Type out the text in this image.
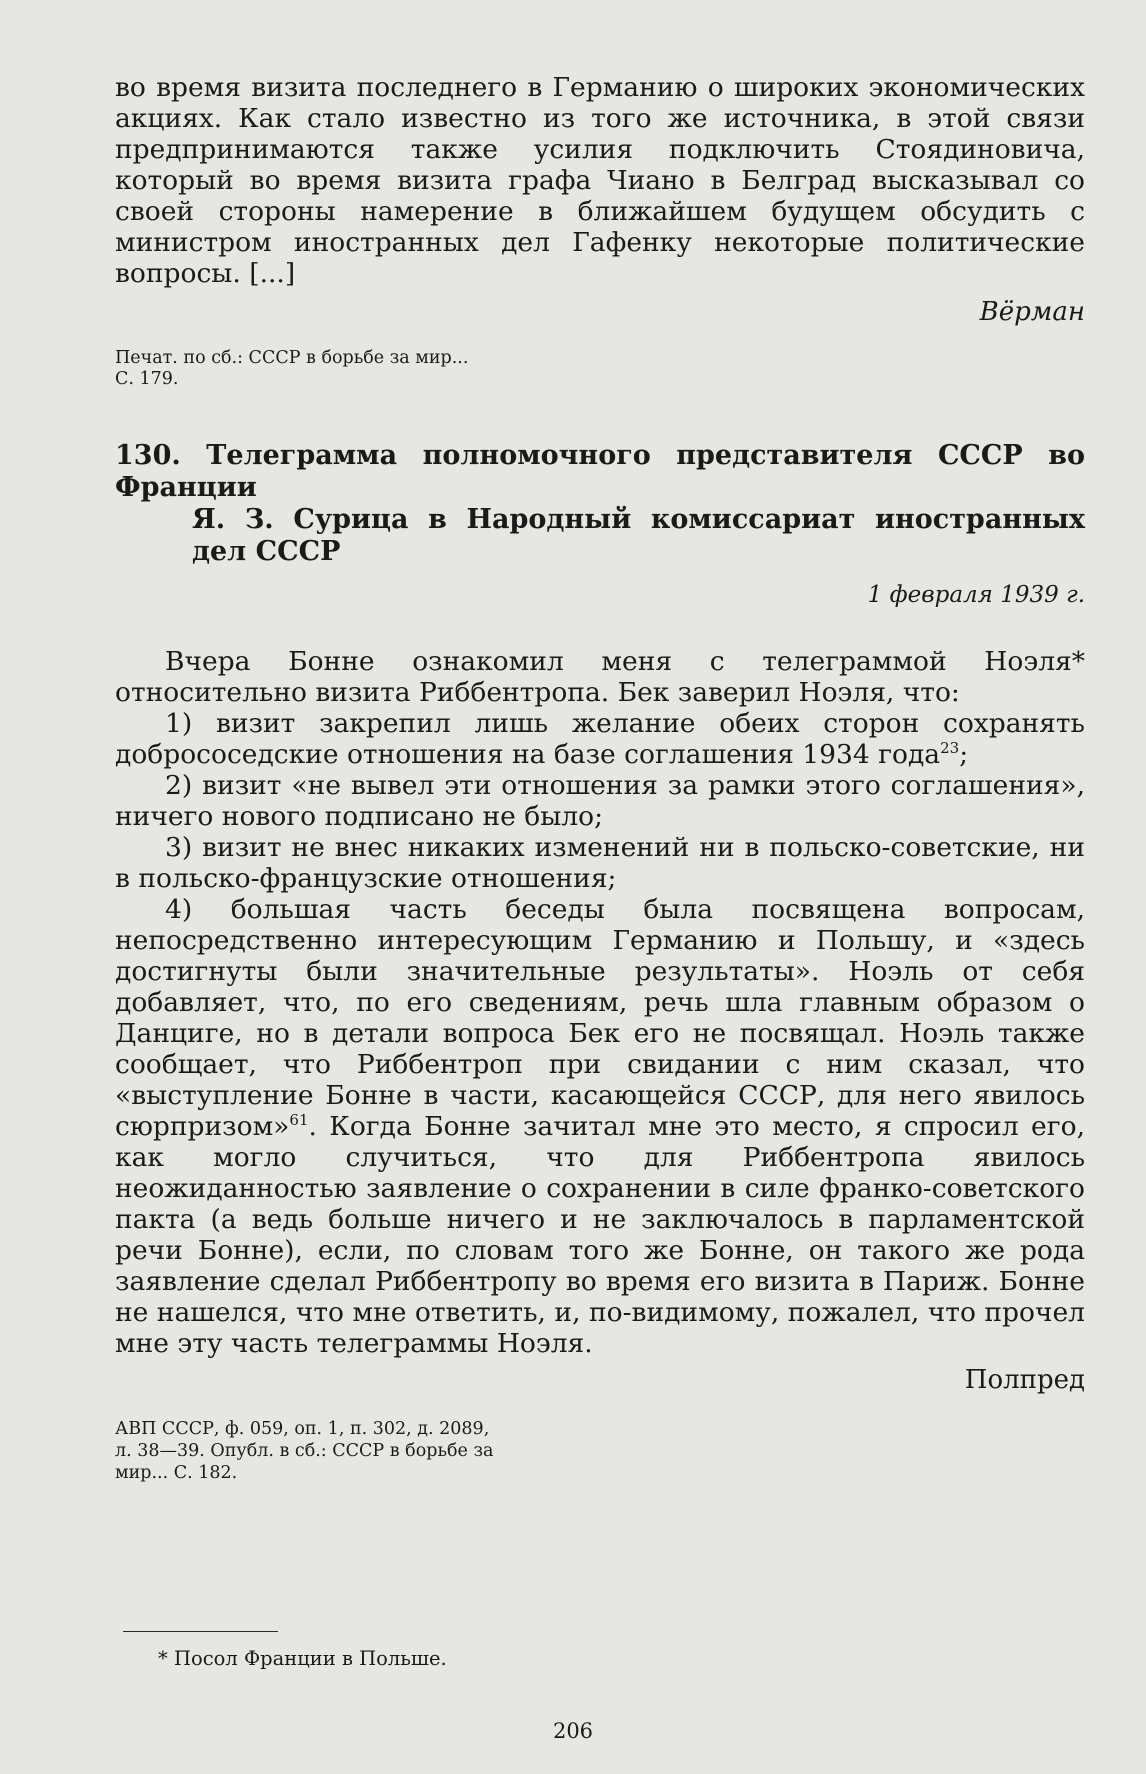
во время визита последнего в Германию о широких экономических акциях. Как стало известно из того же источника, в этой связи предпринимаются также усилия подключить Стоядиновича, который во время визита графа Чиано в Белград высказывал со своей стороны намерение в ближайшем будущем обсудить с министром иностранных дел Гафенку некоторые политические вопросы. [...]

Вёрман

Печат. по сб.: СССР в борьбе за мир...
С. 179.
130. Телеграмма полномочного представителя СССР во Франции
Я. З. Сурица в Народный комиссариат иностранных дел СССР

1 февраля 1939 г.

Вчера Бонне ознакомил меня с телеграммой Ноэля* относительно визита Риббентропа. Бек заверил Ноэля, что:

1) визит закрепил лишь желание обеих сторон сохранять добрососедские отношения на базе соглашения 1934 года$^{23}$;

2) визит «не вывел эти отношения за рамки этого соглашения», ничего нового подписано не было;

3) визит не внес никаких изменений ни в польско-советские, ни в польско-французские отношения;

4) большая часть беседы была посвящена вопросам, непосредственно интересующим Германию и Польшу, и «здесь достигнуты были значительные результаты». Ноэль от себя добавляет, что, по его сведениям, речь шла главным образом о Данциге, но в детали вопроса Бек его не посвящал. Ноэль также сообщает, что Риббентроп при свидании с ним сказал, что «выступление Бонне в части, касающейся СССР, для него явилось сюрпризом»$^{61}$. Когда Бонне зачитал мне это место, я спросил его, как могло случиться, что для Риббентропа явилось неожиданностью заявление о сохранении в силе франко-советского пакта (а ведь больше ничего и не заключалось в парламентской речи Бонне), если, по словам того же Бонне, он такого же рода заявление сделал Риббентропу во время его визита в Париж. Бонне не нашелся, что мне ответить, и, по-видимому, пожалел, что прочел мне эту часть телеграммы Ноэля.

Полпред

АВП СССР, ф. 059, оп. 1, п. 302, д. 2089,
л. 38—39. Опубл. в сб.: СССР в борьбе за
мир... С. 182.
* Посол Франции в Польше.
206
